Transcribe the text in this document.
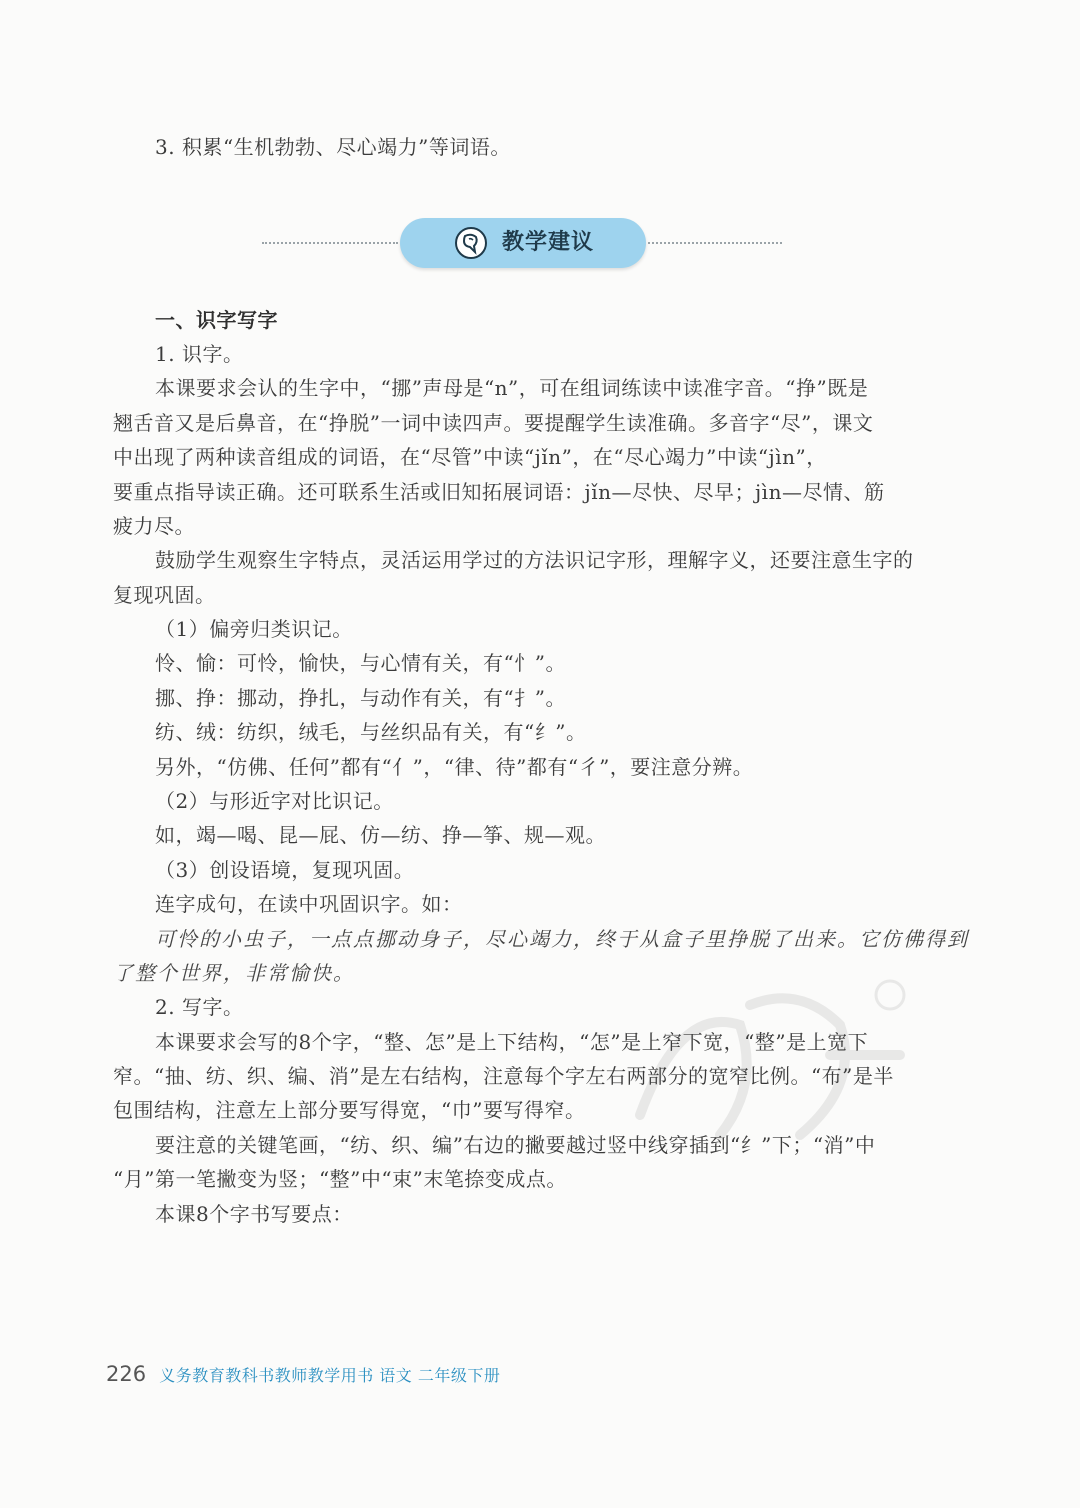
3. 积累“生机勃勃、尽心竭力”等词语。
教学建议
一、识字写字
1. 识字。
本课要求会认的生字中，“挪”声母是“n”，可在组词练读中读准字音。“挣”既是
翘舌音又是后鼻音，在“挣脱”一词中读四声。要提醒学生读准确。多音字“尽”，课文
中出现了两种读音组成的词语，在“尽管”中读“jǐn”，在“尽心竭力”中读“jìn”，
要重点指导读正确。还可联系生活或旧知拓展词语：jǐn—尽快、尽早；jìn—尽情、筋
疲力尽。
鼓励学生观察生字特点，灵活运用学过的方法识记字形，理解字义，还要注意生字的
复现巩固。
（1）偏旁归类识记。
怜、愉：可怜，愉快，与心情有关，有“忄”。
挪、挣：挪动，挣扎，与动作有关，有“扌”。
纺、绒：纺织，绒毛，与丝织品有关，有“纟”。
另外，“仿佛、任何”都有“亻”，“律、待”都有“彳”，要注意分辨。
（2）与形近字对比识记。
如，竭—喝、昆—屁、仿—纺、挣—筝、规—观。
（3）创设语境，复现巩固。
连字成句，在读中巩固识字。如：
可怜的小虫子，一点点挪动身子，尽心竭力，终于从盒子里挣脱了出来。它仿佛得到
了整个世界，非常愉快。
2. 写字。
本课要求会写的8个字，“整、怎”是上下结构，“怎”是上窄下宽，“整”是上宽下
窄。“抽、纺、织、编、消”是左右结构，注意每个字左右两部分的宽窄比例。“布”是半
包围结构，注意左上部分要写得宽，“巾”要写得窄。
要注意的关键笔画，“纺、织、编”右边的撇要越过竖中线穿插到“纟”下；“消”中
“月”第一笔撇变为竖；“整”中“束”末笔捺变成点。
本课8个字书写要点：
226 义务教育教科书教师教学用书 语文 二年级下册
